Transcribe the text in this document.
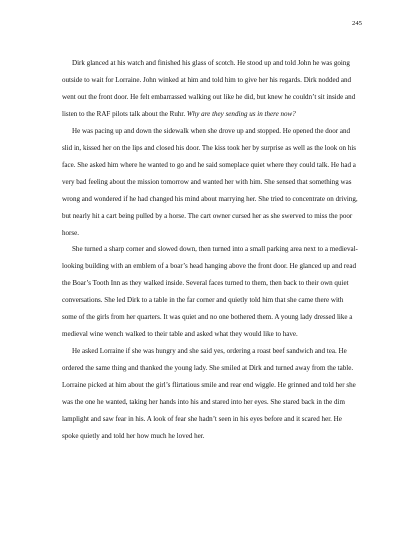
245

Dirk glanced at his watch and finished his glass of scotch. He stood up and told John he was going outside to wait for Lorraine. John winked at him and told him to give her his regards. Dirk nodded and went out the front door. He felt embarrassed walking out like he did, but knew he couldn’t sit inside and listen to the RAF pilots talk about the Ruhr. Why are they sending us in there now?

He was pacing up and down the sidewalk when she drove up and stopped. He opened the door and slid in, kissed her on the lips and closed his door. The kiss took her by surprise as well as the look on his face. She asked him where he wanted to go and he said someplace quiet where they could talk. He had a very bad feeling about the mission tomorrow and wanted her with him. She sensed that something was wrong and wondered if he had changed his mind about marrying her. She tried to concentrate on driving, but nearly hit a cart being pulled by a horse. The cart owner cursed her as she swerved to miss the poor horse.

She turned a sharp corner and slowed down, then turned into a small parking area next to a medieval-looking building with an emblem of a boar’s head hanging above the front door. He glanced up and read the Boar’s Tooth Inn as they walked inside. Several faces turned to them, then back to their own quiet conversations. She led Dirk to a table in the far corner and quietly told him that she came there with some of the girls from her quarters. It was quiet and no one bothered them. A young lady dressed like a medieval wine wench walked to their table and asked what they would like to have.

He asked Lorraine if she was hungry and she said yes, ordering a roast beef sandwich and tea. He ordered the same thing and thanked the young lady. She smiled at Dirk and turned away from the table. Lorraine picked at him about the girl’s flirtatious smile and rear end wiggle. He grinned and told her she was the one he wanted, taking her hands into his and stared into her eyes. She stared back in the dim lamplight and saw fear in his. A look of fear she hadn’t seen in his eyes before and it scared her. He spoke quietly and told her how much he loved her.
